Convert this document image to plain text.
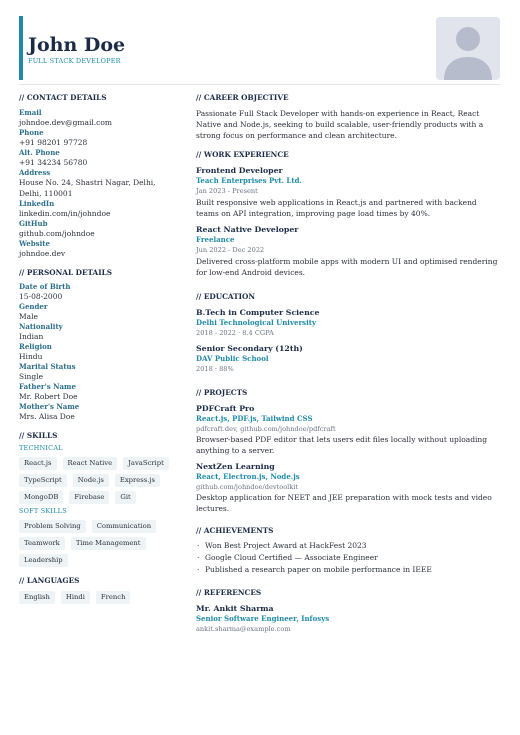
John Doe
FULL STACK DEVELOPER
// CONTACT DETAILS
Email
johndoe.dev@gmail.com
Phone
+91 98201 97728
Alt. Phone
+91 34234 56780
Address
House No. 24, Shastri Nagar, Delhi, Delhi, 110001
LinkedIn
linkedin.com/in/johndoe
GitHub
github.com/johndoe
Website
johndoe.dev
// PERSONAL DETAILS
Date of Birth
15-08-2000
Gender
Male
Nationality
Indian
Religion
Hindu
Marital Status
Single
Father's Name
Mr. Robert Doe
Mother's Name
Mrs. Alisa Doe
// SKILLS
TECHNICAL
React.js	React Native	JavaScript
TypeScript	Node.js	Express.js
MongoDB	Firebase	Git
SOFT SKILLS
Problem Solving	Communication
Teamwork	Time Management
Leadership
// LANGUAGES
English	Hindi	French
// CAREER OBJECTIVE
Passionate Full Stack Developer with hands-on experience in React, React Native and Node.js, seeking to build scalable, user-friendly products with a strong focus on performance and clean architecture.
// WORK EXPERIENCE
Frontend Developer
Teach Enterprises Pvt. Ltd.
Jan 2023 - Present
Built responsive web applications in React.js and partnered with backend teams on API integration, improving page load times by 40%.
React Native Developer
Freelance
Jun 2022 - Dec 2022
Delivered cross-platform mobile apps with modern UI and optimised rendering for low-end Android devices.
// EDUCATION
B.Tech in Computer Science
Delhi Technological University
2018 - 2022 · 8.4 CGPA
Senior Secondary (12th)
DAV Public School
2018 · 88%
// PROJECTS
PDFCraft Pro
React.js, PDF.js, Tailwind CSS
pdfcraft.dev, github.com/johndoe/pdfcraft
Browser-based PDF editor that lets users edit files locally without uploading anything to a server.
NextZen Learning
React, Electron.js, Node.js
github.com/johndoe/devtoolkit
Desktop application for NEET and JEE preparation with mock tests and video lectures.
// ACHIEVEMENTS
· Won Best Project Award at HackFest 2023
· Google Cloud Certified — Associate Engineer
· Published a research paper on mobile performance in IEEE
// REFERENCES
Mr. Ankit Sharma
Senior Software Engineer, Infosys
ankit.sharma@example.com
